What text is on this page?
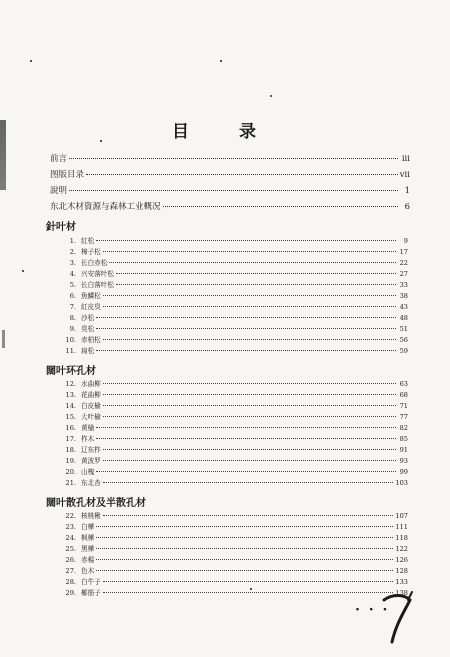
目 录
前言	iii
图版目录	vii
說明	1
东北木材資源与森林工业概况	6
針叶材
1. 紅松	9
2. 樟子松	17
3. 长白赤松	22
4. 兴安落叶松	27
5. 长白落叶松	33
6. 魚鱗松	38
7. 紅皮臭	43
8. 沙松	48
9. 臭松	51
10. 赤柏松	56
11. 扁松	59
闊叶环孔材
12. 水曲柳	63
13. 花曲柳	68
14. 白皮榆	71
15. 大叶榆	77
16. 黄榆	82
17. 柞木	85
18. 辽东柞	91
19. 黄波罗	93
20. 山槐	99
21. 东北杏	103
闊叶散孔材及半散孔材
22. 核桃楸	107
23. 白樺	111
24. 枫樺	118
25. 黑樺	122
26. 赤楊	126
27. 色木	128
28. 白牛子	133
29. 椰筋子	138
· · ·
